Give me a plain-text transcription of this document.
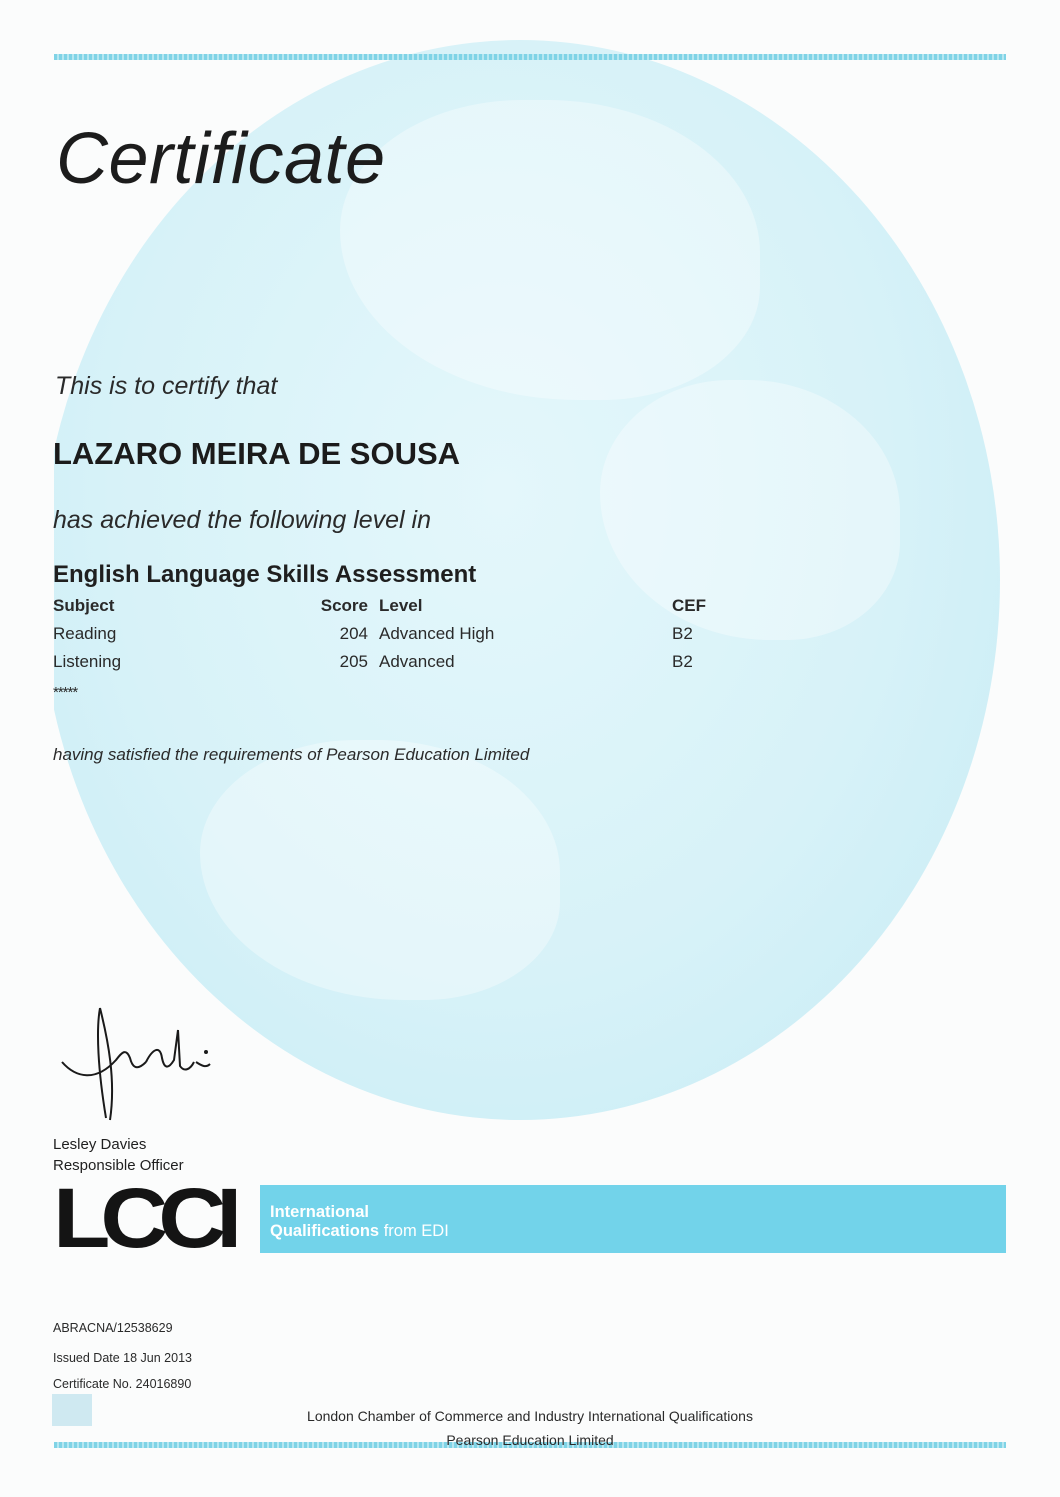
Certificate
This is to certify that
LAZARO MEIRA DE SOUSA
has achieved the following level in
English Language Skills Assessment
Subject	Score Level	CEF
Reading	204 Advanced High	B2
Listening	205 Advanced	B2
*****
having satisfied the requirements of Pearson Education Limited
Lesley Davies
Responsible Officer
LCCI International
Qualifications from EDI
ABRACNA/12538629
Issued Date 18 Jun 2013
Certificate No. 24016890
London Chamber of Commerce and Industry International Qualifications
Pearson Education Limited
